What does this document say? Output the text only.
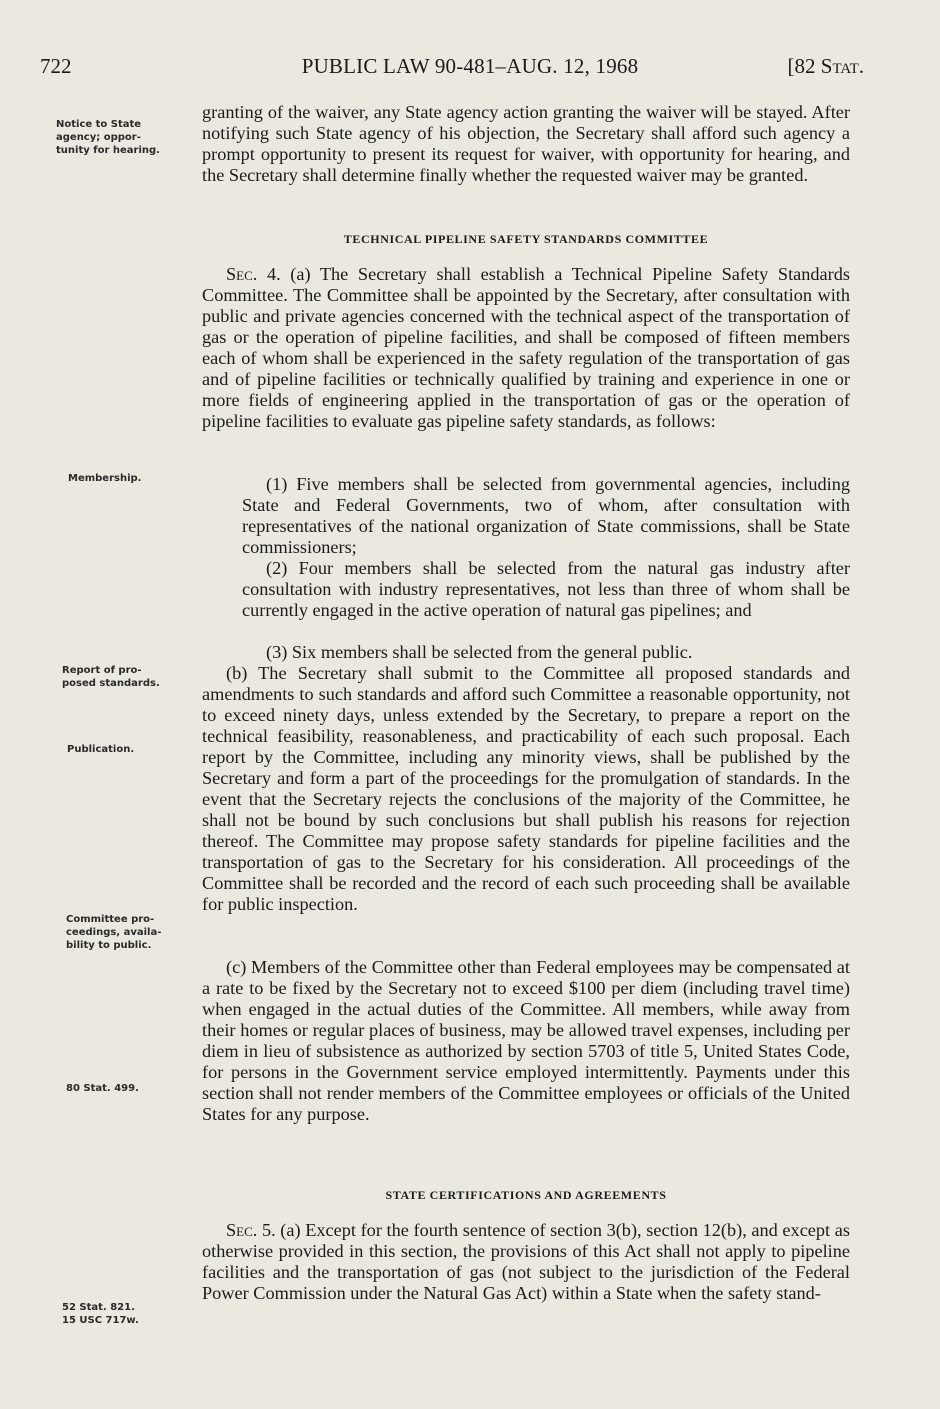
722	PUBLIC LAW 90-481–AUG. 12, 1968	[82 Stat.
Notice to State
agency; oppor-
tunity for hearing.
Membership.
Report of pro-
posed standards.
Publication.
Committee pro-
ceedings, availa-
bility to public.
80 Stat. 499.
52 Stat. 821.
15 USC 717w.

granting of the waiver, any State agency action granting the waiver will be stayed. After notifying such State agency of his objection, the Secretary shall afford such agency a prompt opportunity to present its request for waiver, with opportunity for hearing, and the Secretary shall determine finally whether the requested waiver may be granted.

TECHNICAL PIPELINE SAFETY STANDARDS COMMITTEE

Sec. 4. (a) The Secretary shall establish a Technical Pipeline Safety Standards Committee. The Committee shall be appointed by the Secretary, after consultation with public and private agencies concerned with the technical aspect of the transportation of gas or the operation of pipeline facilities, and shall be composed of fifteen members each of whom shall be experienced in the safety regulation of the transportation of gas and of pipeline facilities or technically qualified by training and experience in one or more fields of engineering applied in the transportation of gas or the operation of pipeline facilities to evaluate gas pipeline safety standards, as follows:

(1) Five members shall be selected from governmental agencies, including State and Federal Governments, two of whom, after consultation with representatives of the national organization of State commissions, shall be State commissioners;

(2) Four members shall be selected from the natural gas industry after consultation with industry representatives, not less than three of whom shall be currently engaged in the active operation of natural gas pipelines; and

(3) Six members shall be selected from the general public.

(b) The Secretary shall submit to the Committee all proposed standards and amendments to such standards and afford such Committee a reasonable opportunity, not to exceed ninety days, unless extended by the Secretary, to prepare a report on the technical feasibility, reasonableness, and practicability of each such proposal. Each report by the Committee, including any minority views, shall be published by the Secretary and form a part of the proceedings for the promulgation of standards. In the event that the Secretary rejects the conclusions of the majority of the Committee, he shall not be bound by such conclusions but shall publish his reasons for rejection thereof. The Committee may propose safety standards for pipeline facilities and the transportation of gas to the Secretary for his consideration. All proceedings of the Committee shall be recorded and the record of each such proceeding shall be available for public inspection.

(c) Members of the Committee other than Federal employees may be compensated at a rate to be fixed by the Secretary not to exceed $100 per diem (including travel time) when engaged in the actual duties of the Committee. All members, while away from their homes or regular places of business, may be allowed travel expenses, including per diem in lieu of subsistence as authorized by section 5703 of title 5, United States Code, for persons in the Government service employed intermittently. Payments under this section shall not render members of the Committee employees or officials of the United States for any purpose.

STATE CERTIFICATIONS AND AGREEMENTS

Sec. 5. (a) Except for the fourth sentence of section 3(b), section 12(b), and except as otherwise provided in this section, the provisions of this Act shall not apply to pipeline facilities and the transportation of gas (not subject to the jurisdiction of the Federal Power Commission under the Natural Gas Act) within a State when the safety stand-
